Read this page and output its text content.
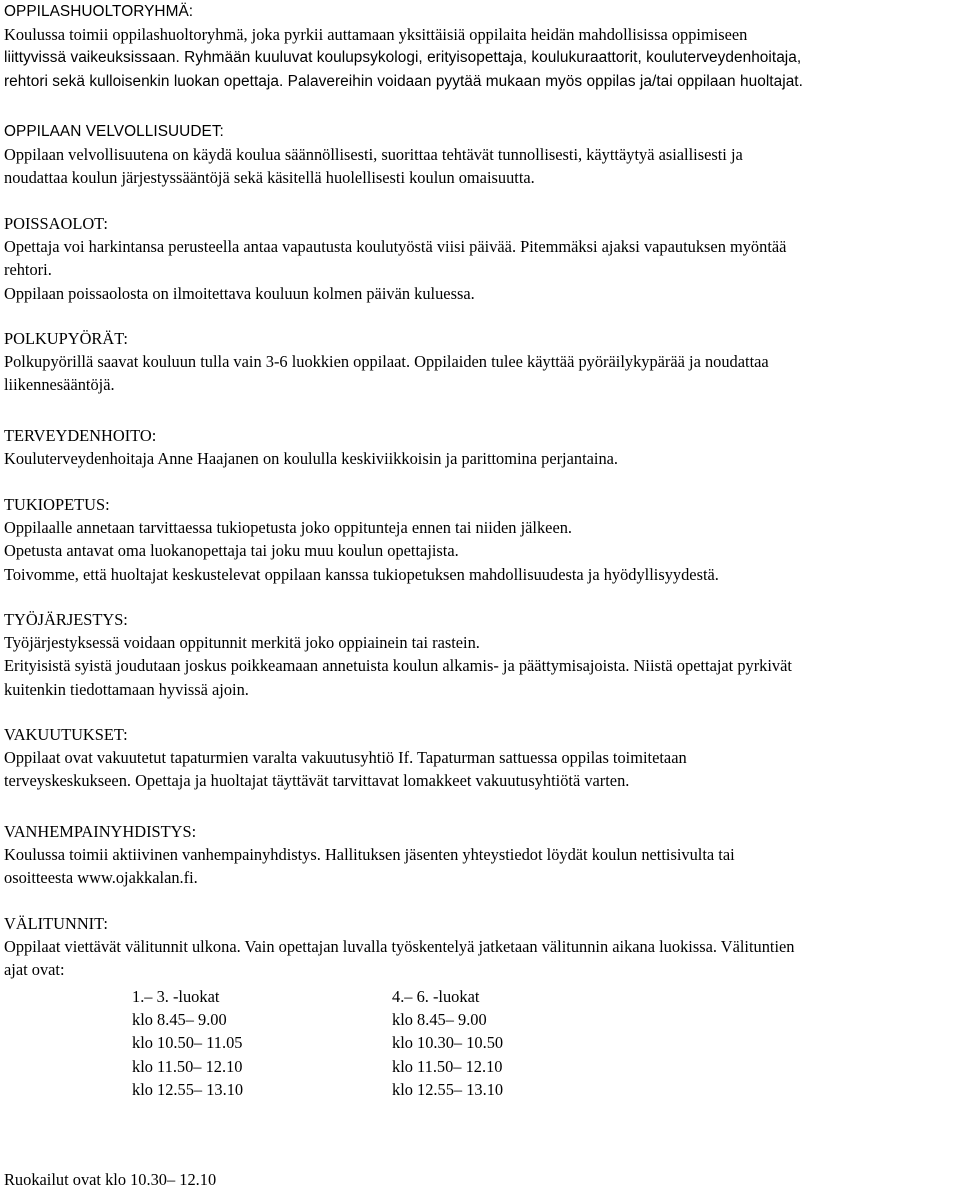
OPPILASHUOLTORYHMÄ:
Koulussa toimii oppilashuoltoryhmä, joka pyrkii auttamaan yksittäisiä oppilaita heidän mahdollisissa oppimiseen
liittyvissä vaikeuksissaan. Ryhmään kuuluvat koulupsykologi, erityisopettaja, koulukuraattorit, kouluterveydenhoitaja,
rehtori sekä kulloisenkin luokan opettaja. Palavereihin voidaan pyytää mukaan myös oppilas ja/tai oppilaan huoltajat.
OPPILAAN VELVOLLISUUDET:
Oppilaan velvollisuutena on käydä koulua säännöllisesti, suorittaa tehtävät tunnollisesti, käyttäytyä asiallisesti ja
noudattaa koulun järjestyssääntöjä sekä käsitellä huolellisesti koulun omaisuutta.
POISSAOLOT:
Opettaja voi harkintansa perusteella antaa vapautusta koulutyöstä viisi päivää. Pitemmäksi ajaksi vapautuksen myöntää
rehtori.
Oppilaan poissaolosta on ilmoitettava kouluun kolmen päivän kuluessa.
POLKUPYÖRÄT:
Polkupyörillä saavat kouluun tulla vain 3-6 luokkien oppilaat. Oppilaiden tulee käyttää pyöräilykypärää ja noudattaa
liikennesääntöjä.
TERVEYDENHOITO:
Kouluterveydenhoitaja Anne Haajanen on koululla keskiviikkoisin ja parittomina perjantaina.
TUKIOPETUS:
Oppilaalle annetaan tarvittaessa tukiopetusta joko oppitunteja ennen tai niiden jälkeen.
Opetusta antavat oma luokanopettaja tai joku muu koulun opettajista.
Toivomme, että huoltajat keskustelevat oppilaan kanssa tukiopetuksen mahdollisuudesta ja hyödyllisyydestä.
TYÖJÄRJESTYS:
Työjärjestyksessä voidaan oppitunnit merkitä joko oppiainein tai rastein.
Erityisistä syistä joudutaan joskus poikkeamaan annetuista koulun alkamis- ja päättymisajoista. Niistä opettajat pyrkivät
kuitenkin tiedottamaan hyvissä ajoin.
VAKUUTUKSET:
Oppilaat ovat vakuutetut tapaturmien varalta vakuutusyhtiö If. Tapaturman sattuessa oppilas toimitetaan
terveyskeskukseen. Opettaja ja huoltajat täyttävät tarvittavat lomakkeet vakuutusyhtiötä varten.
VANHEMPAINYHDISTYS:
Koulussa toimii aktiivinen vanhempainyhdistys. Hallituksen jäsenten yhteystiedot löydät koulun nettisivulta tai
osoitteesta www.ojakkalan.fi.
VÄLITUNNIT:
Oppilaat viettävät välitunnit ulkona. Vain opettajan luvalla työskentelyä jatketaan välitunnin aikana luokissa. Välituntien
ajat ovat:
1.– 3. -luokat	4.– 6. -luokat
klo 8.45– 9.00	klo 8.45– 9.00
klo 10.50– 11.05	klo 10.30– 10.50
klo 11.50– 12.10	klo 11.50– 12.10
klo 12.55– 13.10	klo 12.55– 13.10
Ruokailut ovat klo 10.30– 12.10
